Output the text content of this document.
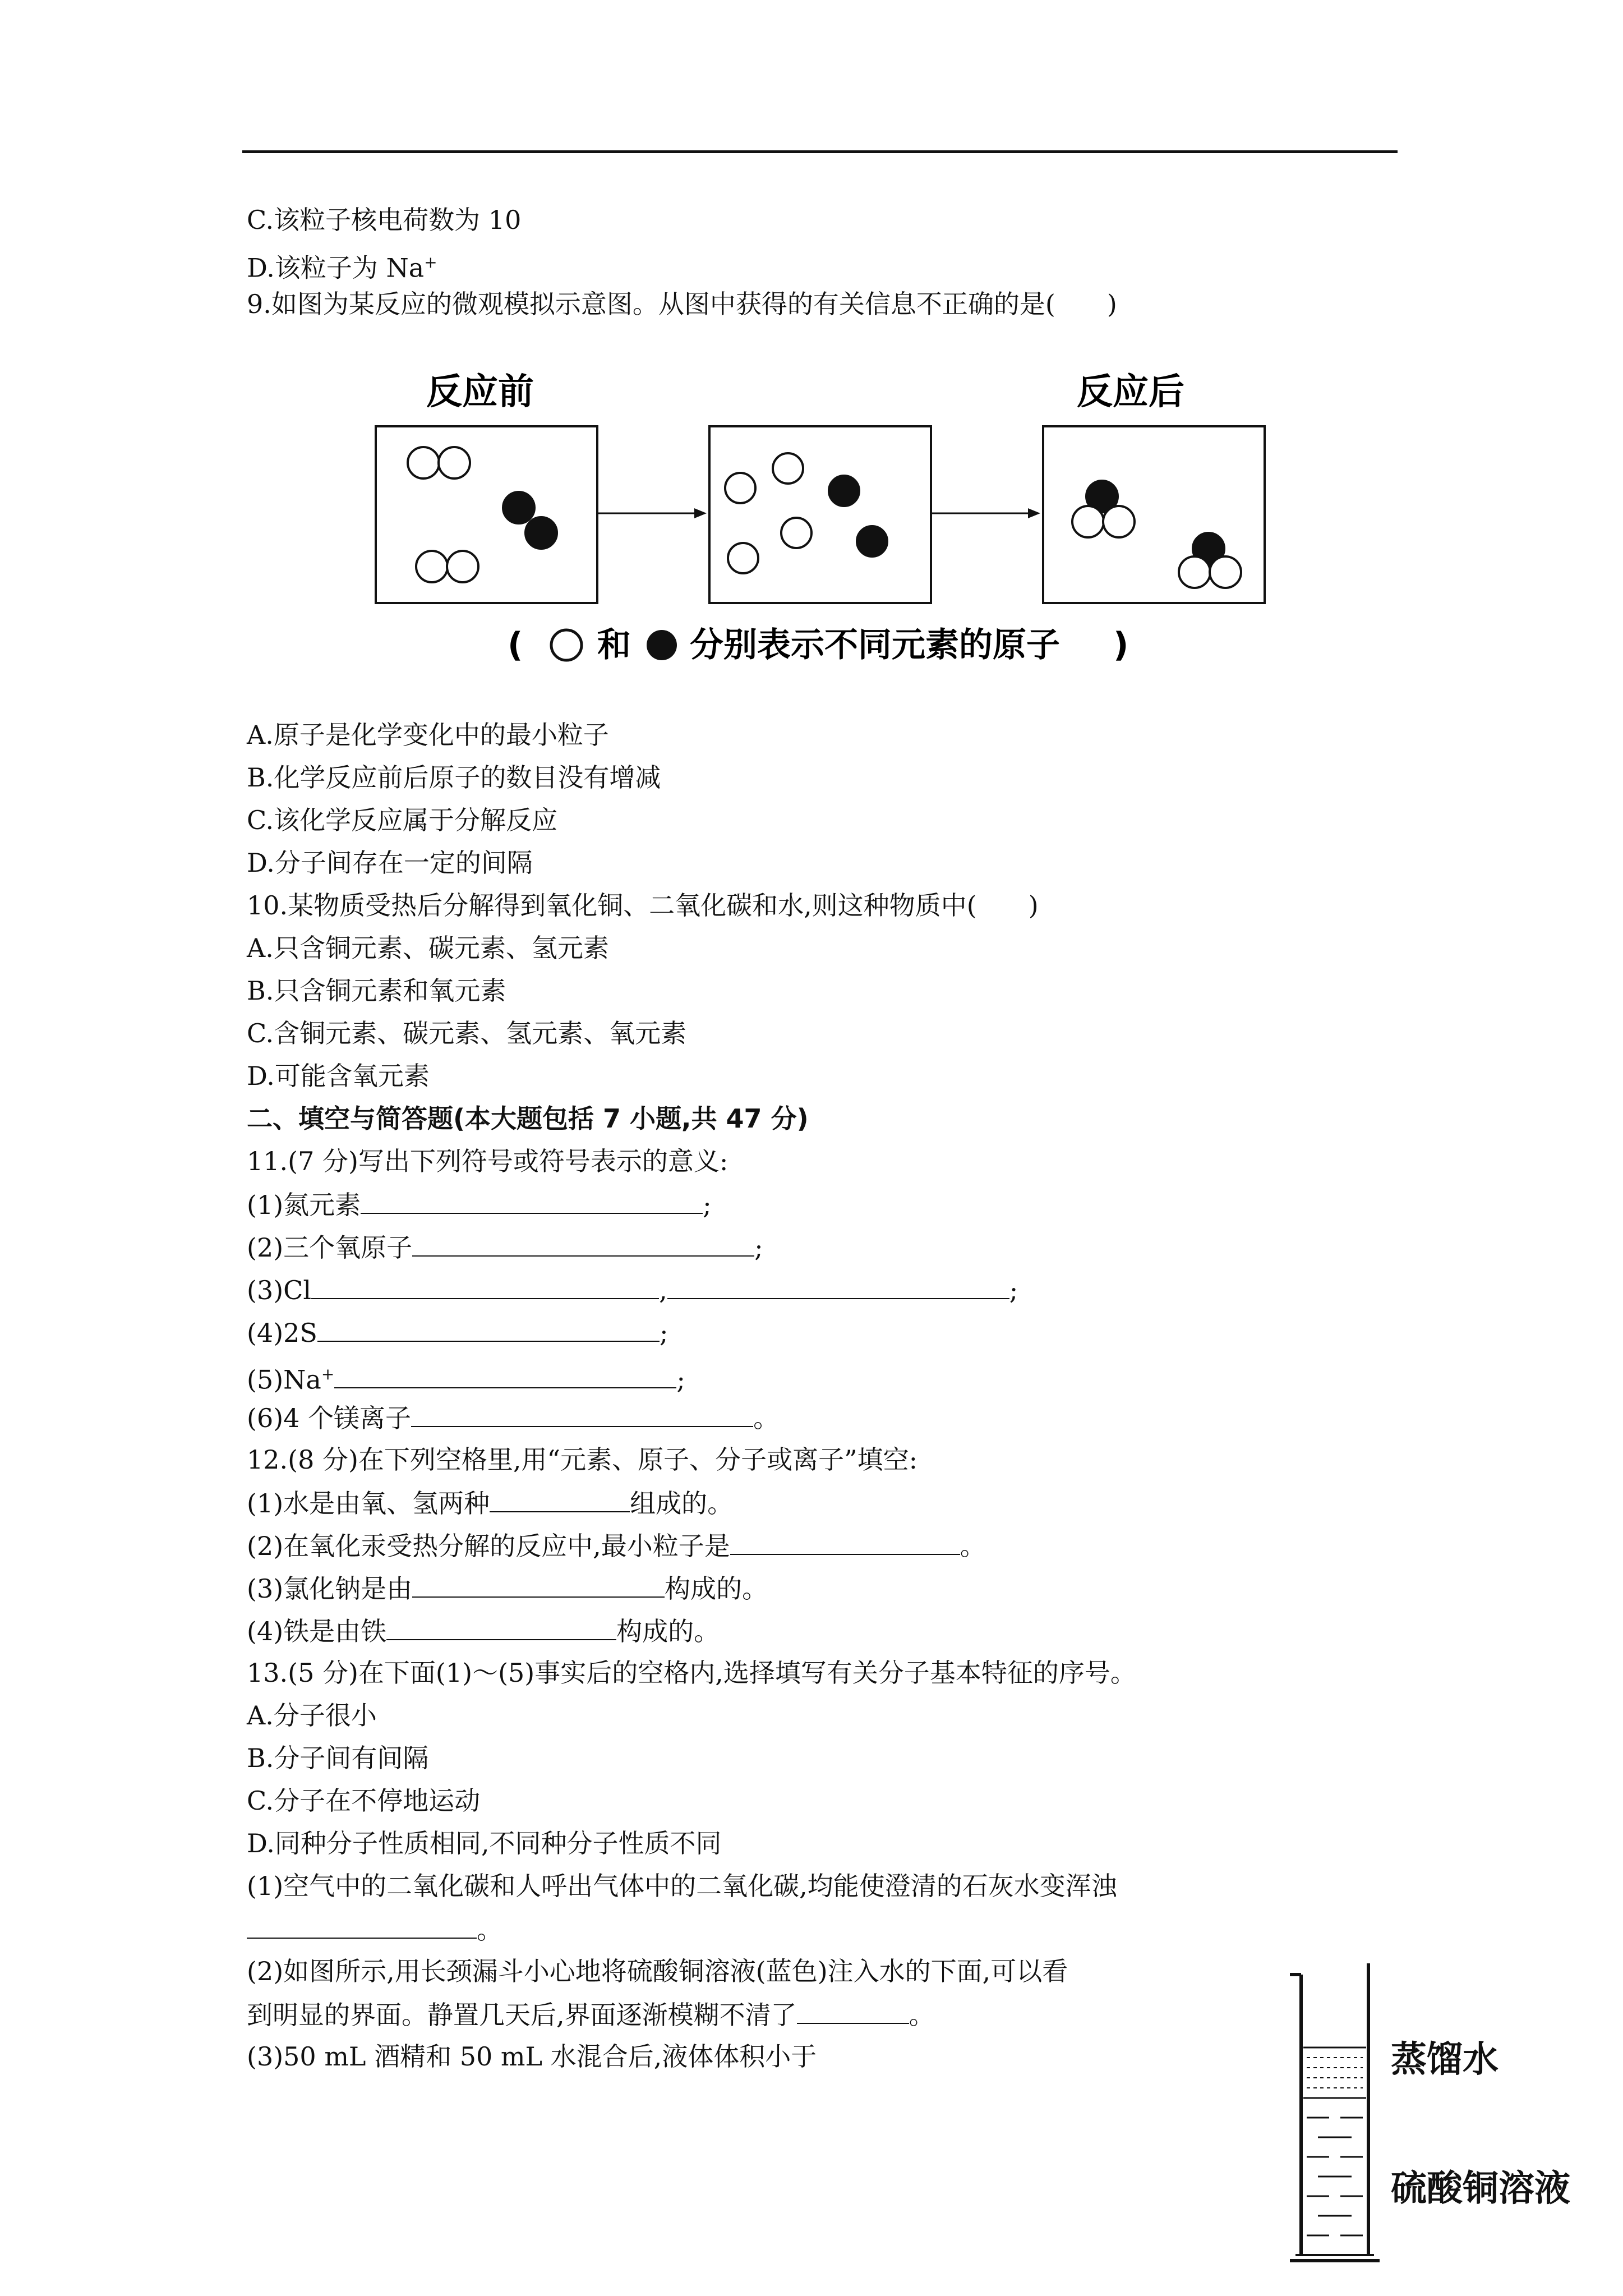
C.该粒子核电荷数为 10
D.该粒子为 Na+
9.如图为某反应的微观模拟示意图。从图中获得的有关信息不正确的是(　　)
反应前	反应后
( 和 分别表示不同元素的原子 )
A.原子是化学变化中的最小粒子
B.化学反应前后原子的数目没有增减
C.该化学反应属于分解反应
D.分子间存在一定的间隔
10.某物质受热后分解得到氧化铜、二氧化碳和水,则这种物质中(　　)
A.只含铜元素、碳元素、氢元素
B.只含铜元素和氧元素
C.含铜元素、碳元素、氢元素、氧元素
D.可能含氧元素
二、填空与简答题(本大题包括 7 小题,共 47 分)
11.(7 分)写出下列符号或符号表示的意义:
(1)氮元素	;
(2)三个氧原子	;
(3)Cl	,	;
(4)2S	;
(5)Na+	;
(6)4 个镁离子	。
12.(8 分)在下列空格里,用“元素、原子、分子或离子”填空:
(1)水是由氧、氢两种	组成的。
(2)在氧化汞受热分解的反应中,最小粒子是	。
(3)氯化钠是由	构成的。
(4)铁是由铁	构成的。
13.(5 分)在下面(1)～(5)事实后的空格内,选择填写有关分子基本特征的序号。
A.分子很小
B.分子间有间隔
C.分子在不停地运动
D.同种分子性质相同,不同种分子性质不同
(1)空气中的二氧化碳和人呼出气体中的二氧化碳,均能使澄清的石灰水变浑浊
。
(2)如图所示,用长颈漏斗小心地将硫酸铜溶液(蓝色)注入水的下面,可以看
到明显的界面。静置几天后,界面逐渐模糊不清了	。
(3)50 mL 酒精和 50 mL 水混合后,液体体积小于	蒸馏水
硫酸铜溶液
